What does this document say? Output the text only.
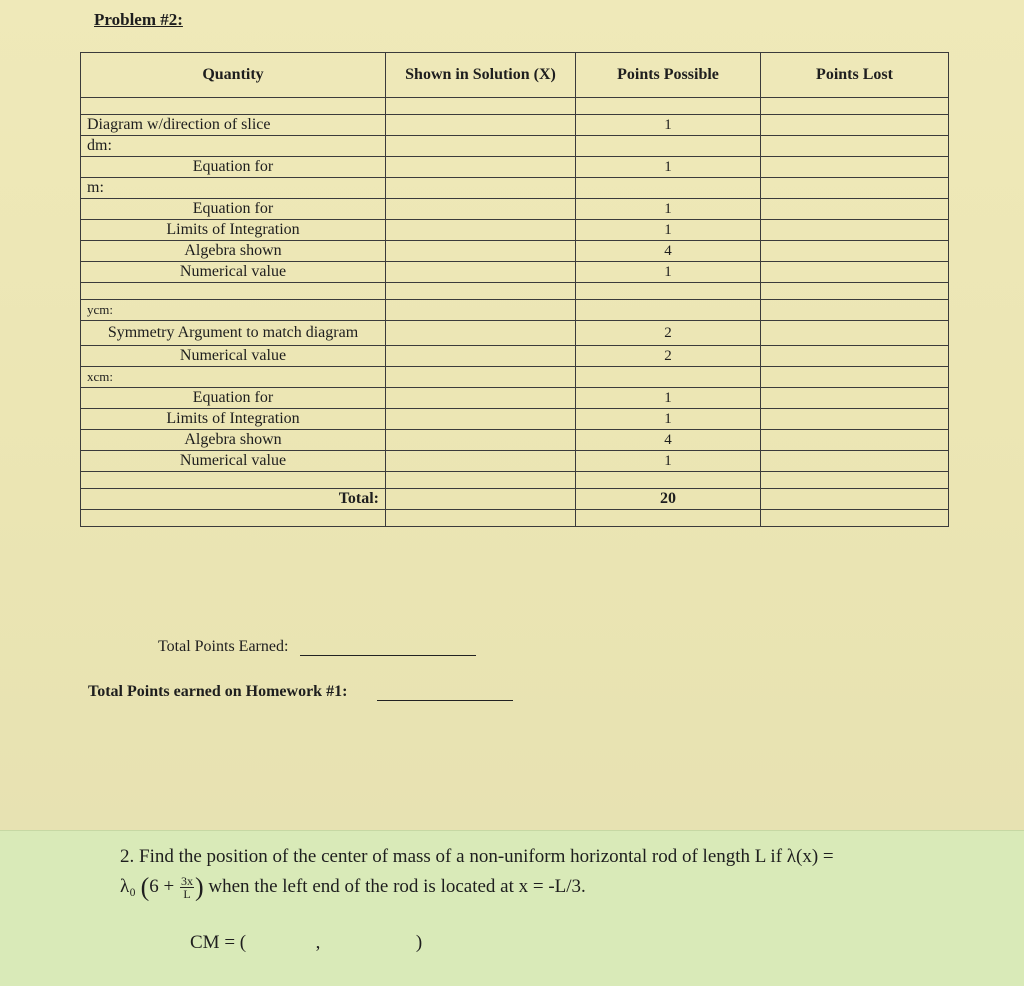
Problem #2:
Quantity	Shown in Solution (X)	Points Possible	Points Lost

Diagram w/direction of slice		1	
dm:			
Equation for		1	
m:			
Equation for		1	
Limits of Integration		1	
Algebra shown		4	
Numerical value		1	

ycm:			
Symmetry Argument to match diagram		2	
Numerical value		2	
xcm:			
Equation for		1	
Limits of Integration		1	
Algebra shown		4	
Numerical value		1	

Total:		20	

Total Points Earned:
Total Points earned on Homework #1:
2. Find the position of the center of mass of a non-uniform horizontal rod of length L if λ(x) =
λ₀ ($6 + \frac{3x}{L}$ ) when the left end of the rod is located at x = -L/3.
CM = (	,	)
